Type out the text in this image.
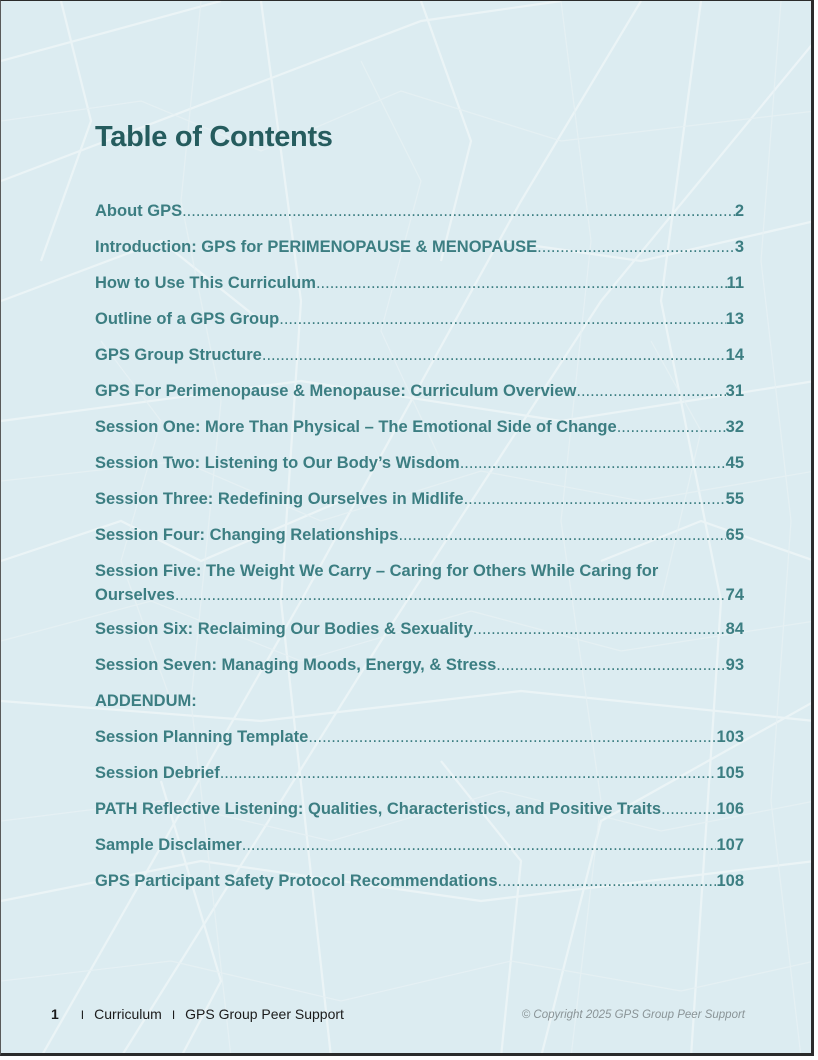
Table of Contents
About GPS .....	2
Introduction: GPS for PERIMENOPAUSE & MENOPAUSE .....	3
How to Use This Curriculum .....	11
Outline of a GPS Group .....	13
GPS Group Structure .....	14
GPS For Perimenopause & Menopause: Curriculum Overview .....	31
Session One: More Than Physical – The Emotional Side of Change .....	32
Session Two: Listening to Our Body’s Wisdom .....	45
Session Three: Redefining Ourselves in Midlife .....	55
Session Four: Changing Relationships .....	65
Session Five: The Weight We Carry – Caring for Others While Caring for
Ourselves .....	74
Session Six: Reclaiming Our Bodies & Sexuality .....	84
Session Seven: Managing Moods, Energy, & Stress .....	93
ADDENDUM:
Session Planning Template .....	103
Session Debrief .....	105
PATH Reflective Listening: Qualities, Characteristics, and Positive Traits .....	106
Sample Disclaimer .....	107
GPS Participant Safety Protocol Recommendations .....	108
1 I Curriculum I GPS Group Peer Support	© Copyright 2025 GPS Group Peer Support
